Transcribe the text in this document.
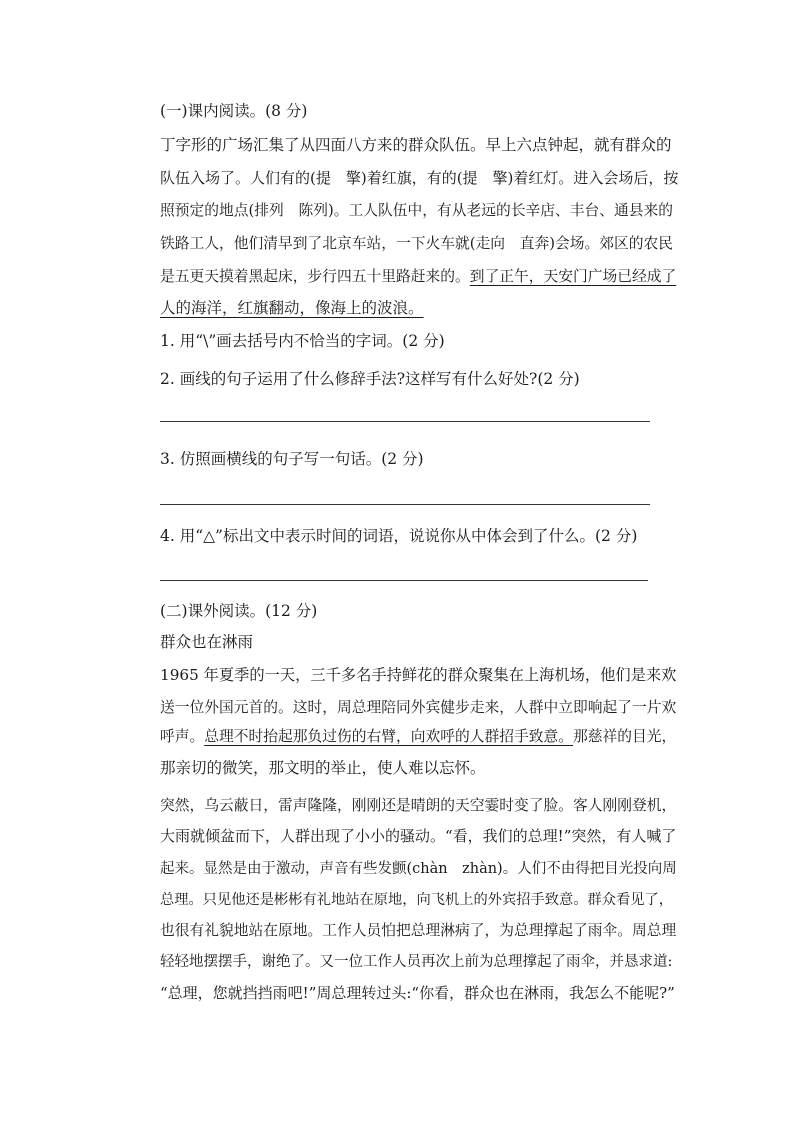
(一)课内阅读。(8 分)
丁字形的广场汇集了从四面八方来的群众队伍。早上六点钟起，就有群众的
队伍入场了。人们有的(提　擎)着红旗，有的(提　擎)着红灯。进入会场后，按
照预定的地点(排列　陈列)。工人队伍中，有从老远的长辛店、丰台、通县来的
铁路工人，他们清早到了北京车站，一下火车就(走向　直奔)会场。郊区的农民
是五更天摸着黑起床，步行四五十里路赶来的。到了正午，天安门广场已经成了
人的海洋，红旗翻动，像海上的波浪。
1. 用“\”画去括号内不恰当的字词。(2 分)
2. 画线的句子运用了什么修辞手法?这样写有什么好处?(2 分)
3. 仿照画横线的句子写一句话。(2 分)
4. 用“△”标出文中表示时间的词语，说说你从中体会到了什么。(2 分)
(二)课外阅读。(12 分)
群众也在淋雨
1965 年夏季的一天，三千多名手持鲜花的群众聚集在上海机场，他们是来欢
送一位外国元首的。这时，周总理陪同外宾健步走来，人群中立即响起了一片欢
呼声。总理不时抬起那负过伤的右臂，向欢呼的人群招手致意。那慈祥的目光，
那亲切的微笑，那文明的举止，使人难以忘怀。
突然，乌云蔽日，雷声隆隆，刚刚还是晴朗的天空霎时变了脸。客人刚刚登机，
大雨就倾盆而下，人群出现了小小的骚动。“看，我们的总理!”突然，有人喊了
起来。显然是由于激动，声音有些发颤(chàn　zhàn)。人们不由得把目光投向周
总理。只见他还是彬彬有礼地站在原地，向飞机上的外宾招手致意。群众看见了，
也很有礼貌地站在原地。工作人员怕把总理淋病了，为总理撑起了雨伞。周总理
轻轻地摆摆手，谢绝了。又一位工作人员再次上前为总理撑起了雨伞，并恳求道:
“总理，您就挡挡雨吧!”周总理转过头:“你看，群众也在淋雨，我怎么不能呢?”
